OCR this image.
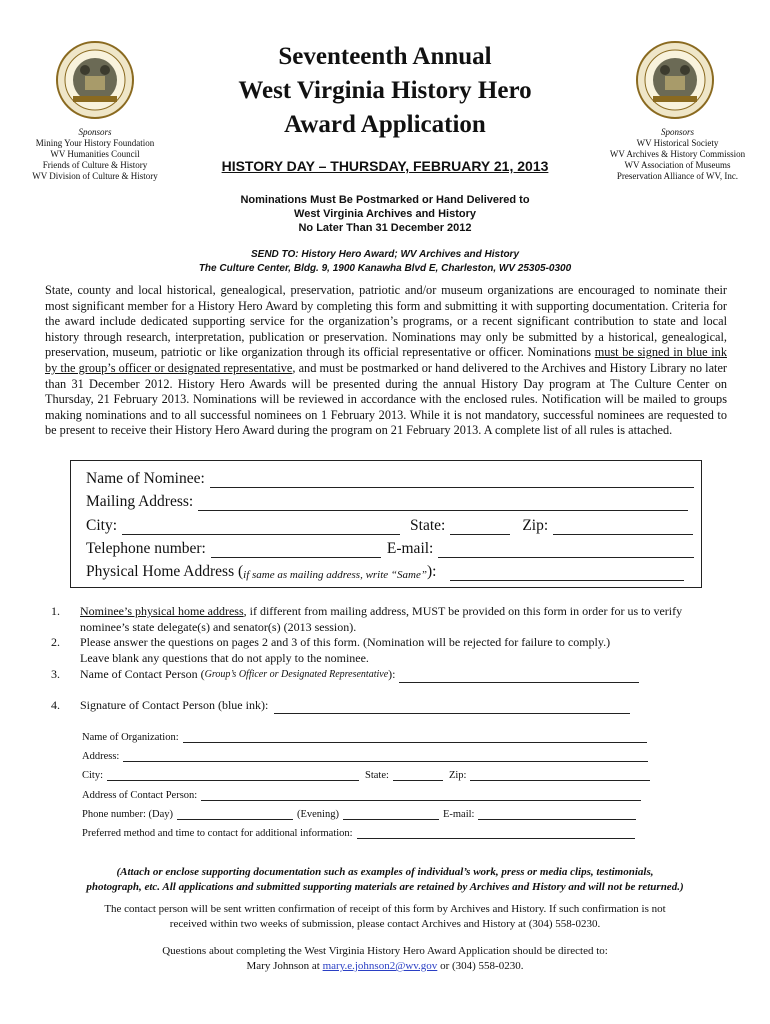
Sponsors
Mining Your History Foundation
WV Humanities Council
Friends of Culture & History
WV Division of Culture & History
Sponsors
WV Historical Society
WV Archives & History Commission
WV Association of Museums
Preservation Alliance of WV, Inc.
Seventeenth Annual
West Virginia History Hero
Award Application
HISTORY DAY – THURSDAY, FEBRUARY 21, 2013
Nominations Must Be Postmarked or Hand Delivered to
West Virginia Archives and History
No Later Than 31 December 2012
SEND TO: History Hero Award; WV Archives and History
The Culture Center, Bldg. 9, 1900 Kanawha Blvd E, Charleston, WV 25305-0300
State, county and local historical, genealogical, preservation, patriotic and/or museum organizations are encouraged to nominate their most significant member for a History Hero Award by completing this form and submitting it with supporting documentation. Criteria for the award include dedicated supporting service for the organization’s programs, or a recent significant contribution to state and local history through research, interpretation, publication or preservation. Nominations may only be submitted by a historical, genealogical, preservation, museum, patriotic or like organization through its official representative or officer. Nominations must be signed in blue ink by the group’s officer or designated representative, and must be postmarked or hand delivered to the Archives and History Library no later than 31 December 2012. History Hero Awards will be presented during the annual History Day program at The Culture Center on Thursday, 21 February 2013. Nominations will be reviewed in accordance with the enclosed rules. Notification will be mailed to groups making nominations and to all successful nominees on 1 February 2013. While it is not mandatory, successful nominees are requested to be present to receive their History Hero Award during the program on 21 February 2013. A complete list of all rules is attached.
Name of Nominee:
Mailing Address:
City:	State:	Zip:
Telephone number:	E-mail:
Physical Home Address ( if same as mailing address, write “Same” ):
1. Nominee’s physical home address, if different from mailing address, MUST be provided on this form in order for us to verify
nominee’s state delegate(s) and senator(s) (2013 session).
2. Please answer the questions on pages 2 and 3 of this form. (Nomination will be rejected for failure to comply.)
Leave blank any questions that do not apply to the nominee.
3. Name of Contact Person ( Group’s Officer or Designated Representative ):
4. Signature of Contact Person (blue ink):
Name of Organization:
Address:
City:	State:	Zip:
Address of Contact Person:
Phone number: (Day)	(Evening)	E-mail:
Preferred method and time to contact for additional information:
(Attach or enclose supporting documentation such as examples of individual’s work, press or media clips, testimonials,
photograph, etc. All applications and submitted supporting materials are retained by Archives and History and will not be returned.)
The contact person will be sent written confirmation of receipt of this form by Archives and History. If such confirmation is not
received within two weeks of submission, please contact Archives and History at (304) 558-0230.
Questions about completing the West Virginia History Hero Award Application should be directed to:
Mary Johnson at mary.e.johnson2@wv.gov or (304) 558-0230.
